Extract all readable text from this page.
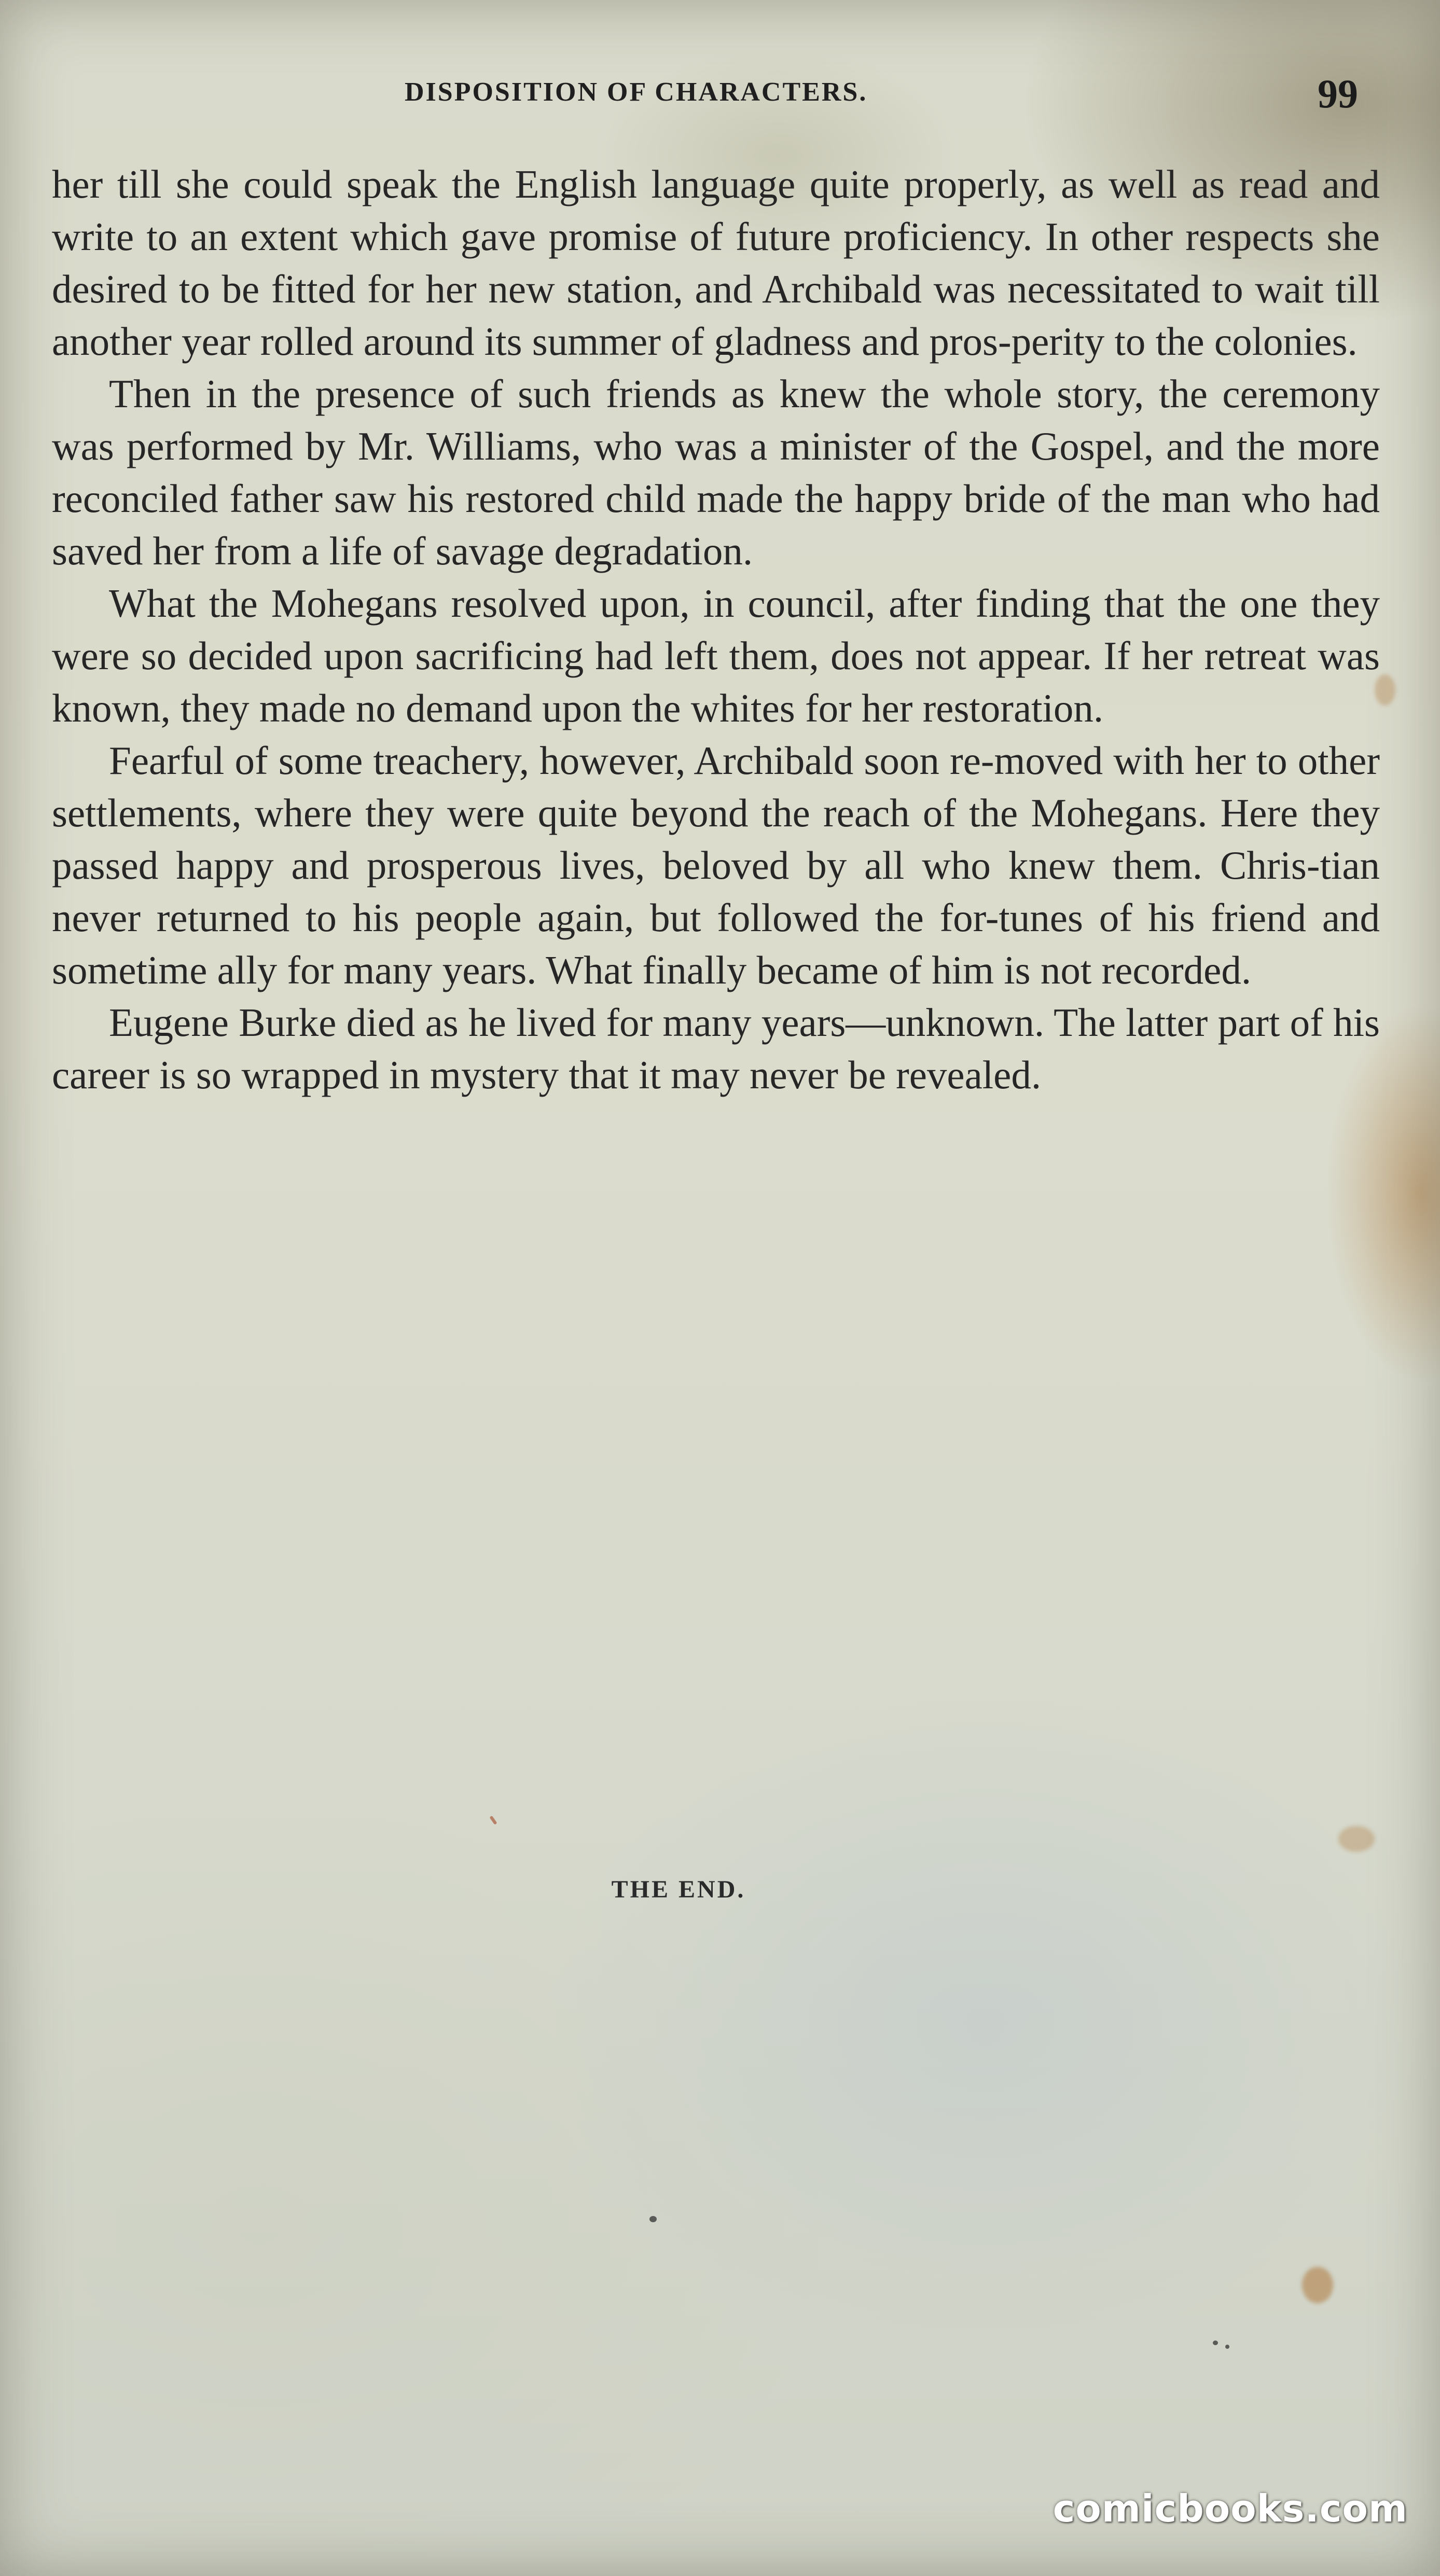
​
DISPOSITION OF CHARACTERS.	99

her till she could speak the English language quite properly, as well as read and write to an extent which gave promise of future proficiency. In other respects she desired to be fitted for her new station, and Archibald was necessitated to wait till another year rolled around its summer of gladness and pros-perity to the colonies.

Then in the presence of such friends as knew the whole story, the ceremony was performed by Mr. Williams, who was a minister of the Gospel, and the more reconciled father saw his restored child made the happy bride of the man who had saved her from a life of savage degradation.

What the Mohegans resolved upon, in council, after finding that the one they were so decided upon sacrificing had left them, does not appear. If her retreat was known, they made no demand upon the whites for her restoration.

Fearful of some treachery, however, Archibald soon re-moved with her to other settlements, where they were quite beyond the reach of the Mohegans. Here they passed happy and prosperous lives, beloved by all who knew them. Chris-tian never returned to his people again, but followed the for-tunes of his friend and sometime ally for many years. What finally became of him is not recorded.

Eugene Burke died as he lived for many years—unknown. The latter part of his career is so wrapped in mystery that it may never be revealed.

THE END.
comicbooks.com
